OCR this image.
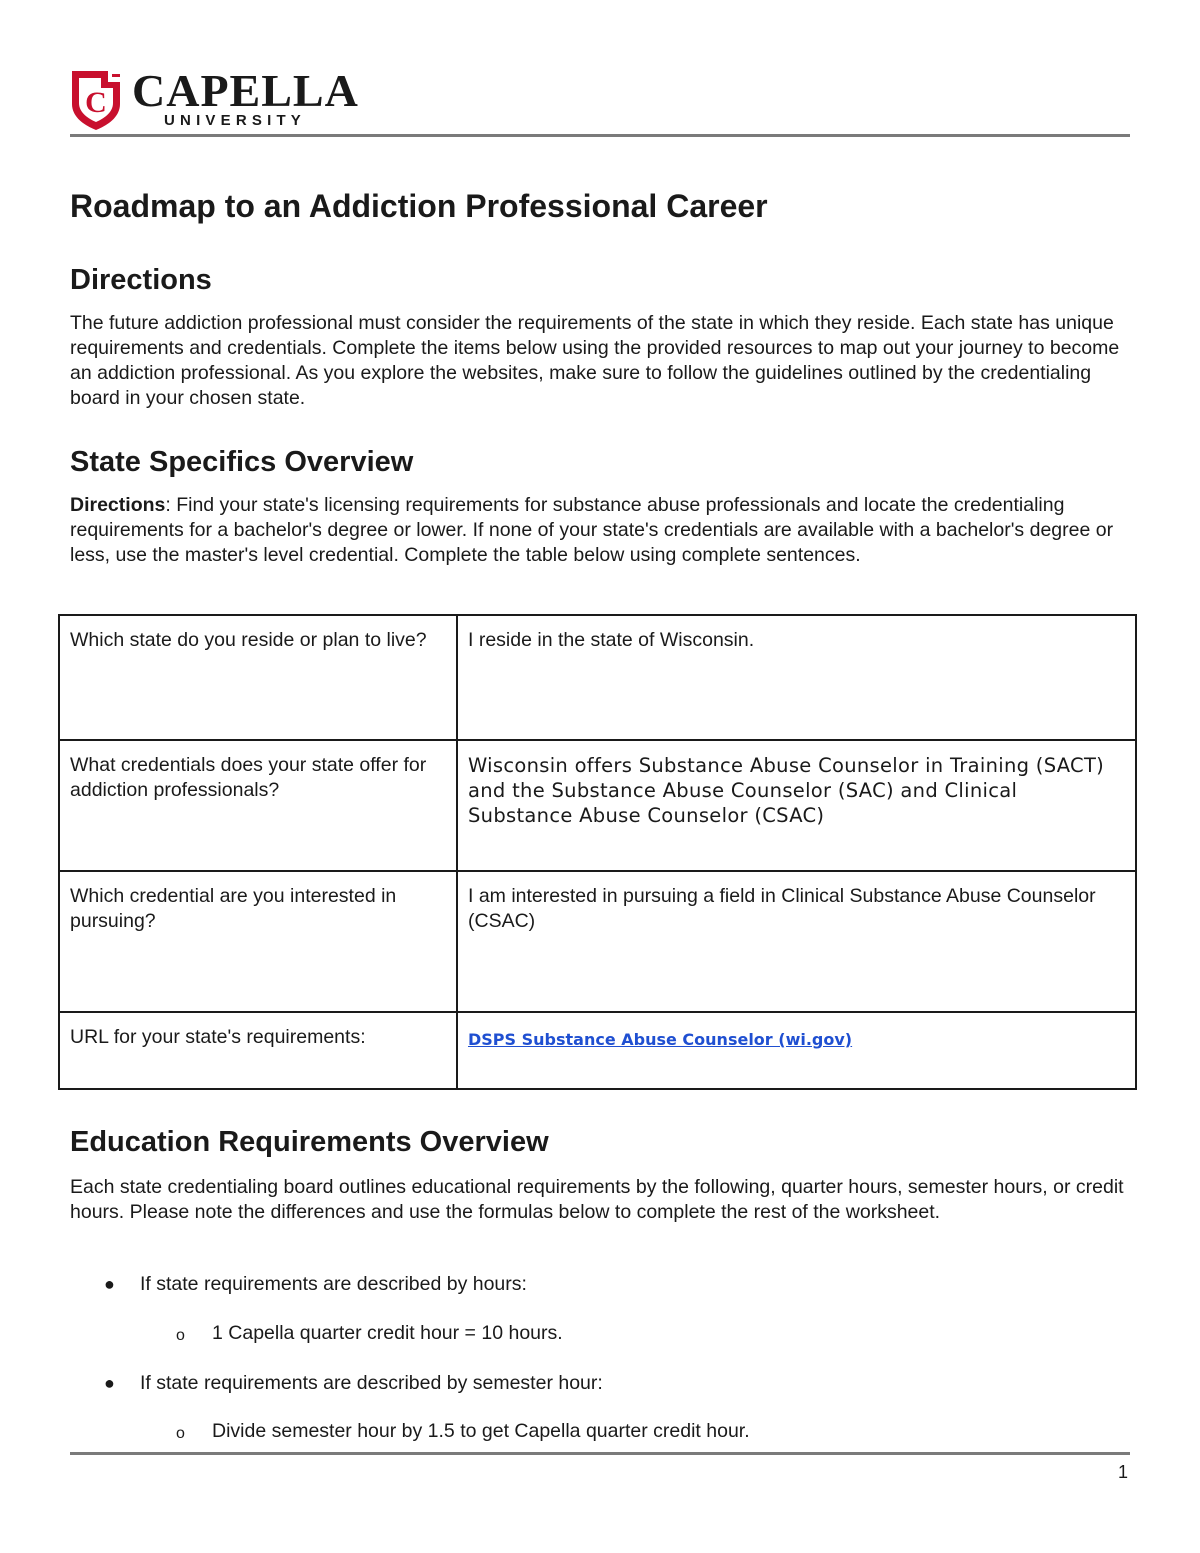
C CAPELLA
UNIVERSITY
Roadmap to an Addiction Professional Career
Directions

The future addiction professional must consider the requirements of the state in which they reside. Each state has unique requirements and credentials. Complete the items below using the provided resources to map out your journey to become an addiction professional. As you explore the websites, make sure to follow the guidelines outlined by the credentialing board in your chosen state.

State Specifics Overview

Directions: Find your state's licensing requirements for substance abuse professionals and locate the credentialing requirements for a bachelor's degree or lower. If none of your state's credentials are available with a bachelor's degree or less, use the master's level credential. Complete the table below using complete sentences.

Which state do you reside or plan to live?	I reside in the state of Wisconsin.
What credentials does your state offer for addiction professionals?	Wisconsin offers Substance Abuse Counselor in Training (SACT) and the Substance Abuse Counselor (SAC) and Clinical Substance Abuse Counselor (CSAC)
Which credential are you interested in pursuing?	I am interested in pursuing a field in Clinical Substance Abuse Counselor (CSAC)
URL for your state's requirements:	DSPS Substance Abuse Counselor (wi.gov)
Education Requirements Overview

Each state credentialing board outlines educational requirements by the following, quarter hours, semester hours, or credit hours. Please note the differences and use the formulas below to complete the rest of the worksheet.

● If state requirements are described by hours:
o 1 Capella quarter credit hour = 10 hours.
● If state requirements are described by semester hour:
o Divide semester hour by 1.5 to get Capella quarter credit hour.
1
